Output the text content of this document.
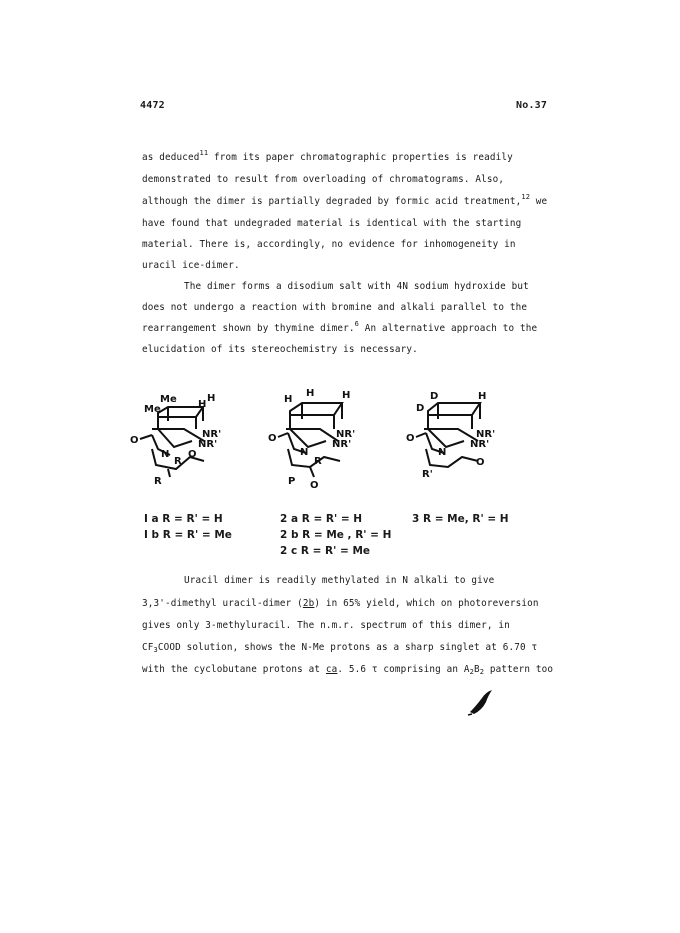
4472	No.37
as deduced$^{11}$ from its paper chromatographic properties is readily
demonstrated to result from overloading of chromatograms. Also,
although the dimer is partially degraded by formic acid treatment,$^{12}$ we
have found that undegraded material is identical with the starting
material. There is, accordingly, no evidence for inhomogeneity in
uracil ice-dimer.
The dimer forms a disodium salt with 4N sodium hydroxide but
does not undergo a reaction with bromine and alkali parallel to the
rearrangement shown by thymine dimer.$^6$ An alternative approach to the
elucidation of its stereochemistry is necessary.
Me
Me	H
H
NR'
NR'
O
N
R
R
O
H
H	H
NR'
NR'
O
N
R
P O
D	H
D
NR'
NR'
O
N
R'
O
I a R = R' = H
I b R = R' = Me
2 a R = R' = H
2 b R = Me , R' = H
2 c R = R' = Me
3 R = Me, R' = H
Uracil dimer is readily methylated in N alkali to give
3,3'-dimethyl uracil-dimer (2b) in 65% yield, which on photoreversion
gives only 3-methyluracil. The n.m.r. spectrum of this dimer, in
$CF_3COOD$ solution, shows the N-Me protons as a sharp singlet at 6.70 τ
with the cyclobutane protons at ca. 5.6 τ comprising an $A_2B_2$ pattern too
